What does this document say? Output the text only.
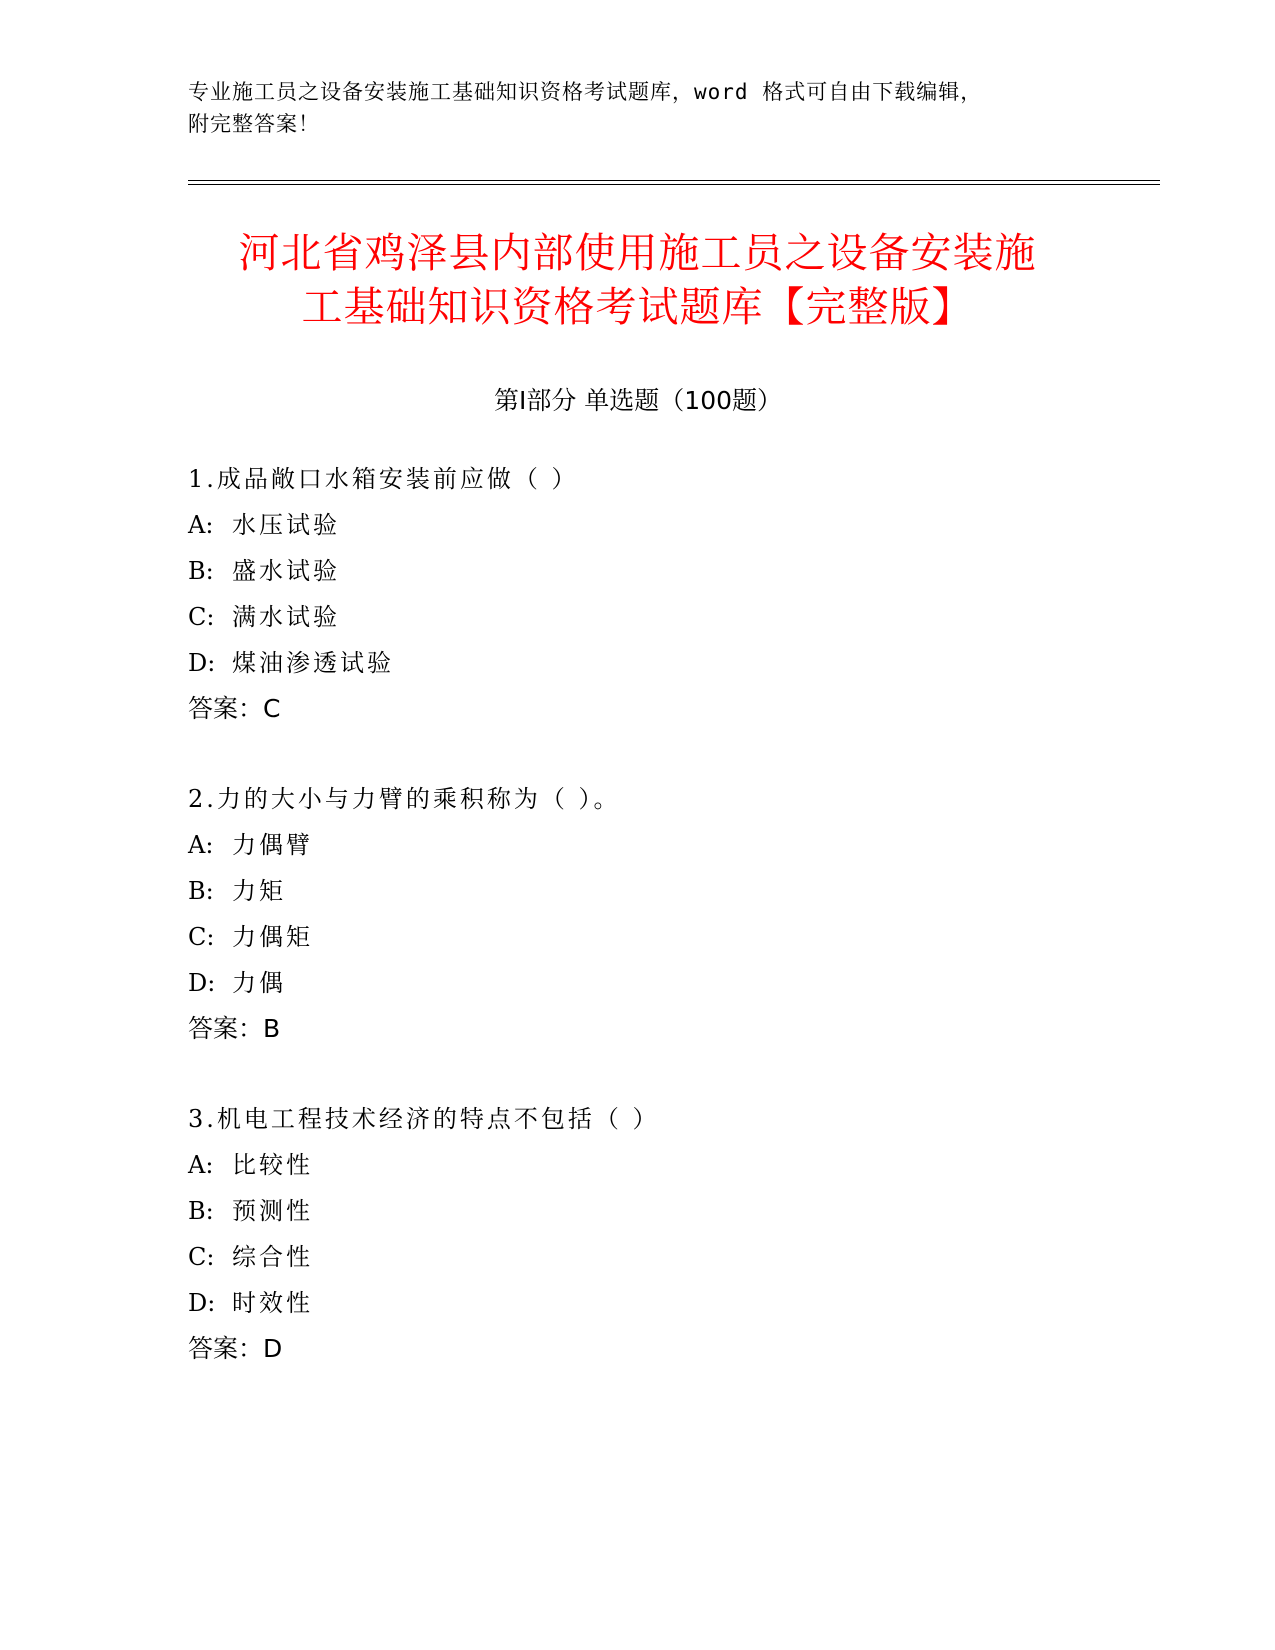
专业施工员之设备安装施工基础知识资格考试题库，word 格式可自由下载编辑，
附完整答案！
河北省鸡泽县内部使用施工员之设备安装施
工基础知识资格考试题库【完整版】
第Ⅰ部分 单选题（100题）
1.成品敞口水箱安装前应做（ ）
A: 水压试验
B: 盛水试验
C: 满水试验
D: 煤油渗透试验
答案：C
2.力的大小与力臂的乘积称为（ ）。
A: 力偶臂
B: 力矩
C: 力偶矩
D: 力偶
答案：B
3.机电工程技术经济的特点不包括（ ）
A: 比较性
B: 预测性
C: 综合性
D: 时效性
答案：D
